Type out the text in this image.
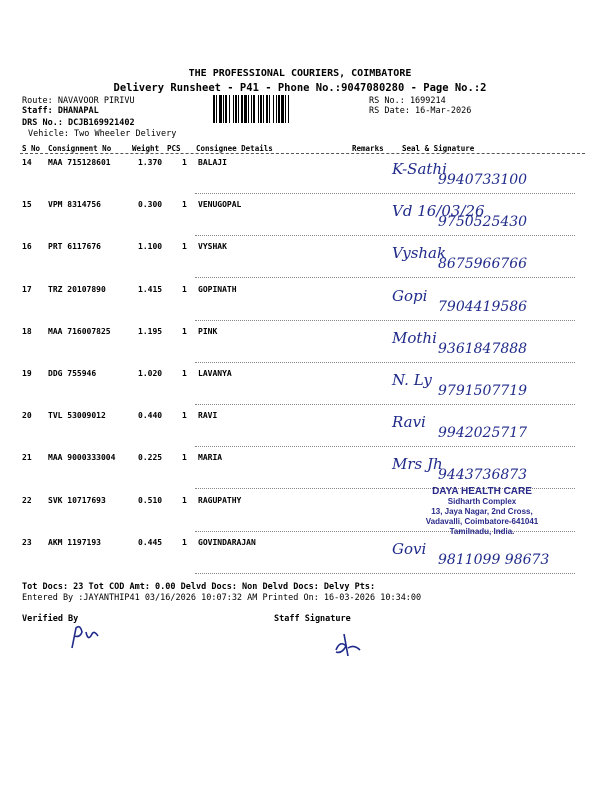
THE PROFESSIONAL COURIERS, COIMBATORE
Delivery Runsheet - P41 - Phone No.:9047080280 - Page No.:2
Route: NAVAVOOR PIRIVU
Staff: DHANAPAL
DRS No.: DCJB169921402
Vehicle: Two Wheeler Delivery
RS No.: 1699214
RS Date: 16-Mar-2026
S No Consignment No	Weight PCS Consignee Details	Remarks Seal & Signature
14 MAA 715128601	1.370 1 BALAJI	K-Sathi
9940733100
15 VPM 8314756	0.300 1 VENUGOPAL	Vd 16/03/26
9750525430
16 PRT 6117676	1.100 1 VYSHAK	Vyshak
8675966766
17 TRZ 20107890	1.415 1 GOPINATH	Gopi
7904419586
18 MAA 716007825	1.195 1 PINK	Mothi
9361847888
19 DDG 755946	1.020 1 LAVANYA	N. Ly
9791507719
20 TVL 53009012	0.440 1 RAVI	Ravi
9942025717
21 MAA 9000333004	0.225 1 MARIA	Mrs Jh
9443736873
22 SVK 10717693	0.510 1 RAGUPATHY
23 AKM 1197193	0.445 1 GOVINDARAJAN	Govi
9811099 98673
DAYA HEALTH CARE
Sidharth Complex
13, Jaya Nagar, 2nd Cross,
Vadavalli, Coimbatore-641041
Tamilnadu, India.
Tot Docs: 23 Tot COD Amt: 0.00 Delvd Docs: Non Delvd Docs: Delvy Pts:
Entered By :JAYANTHIP41 03/16/2026 10:07:32 AM Printed On: 16-03-2026 10:34:00
Verified By	Staff Signature
